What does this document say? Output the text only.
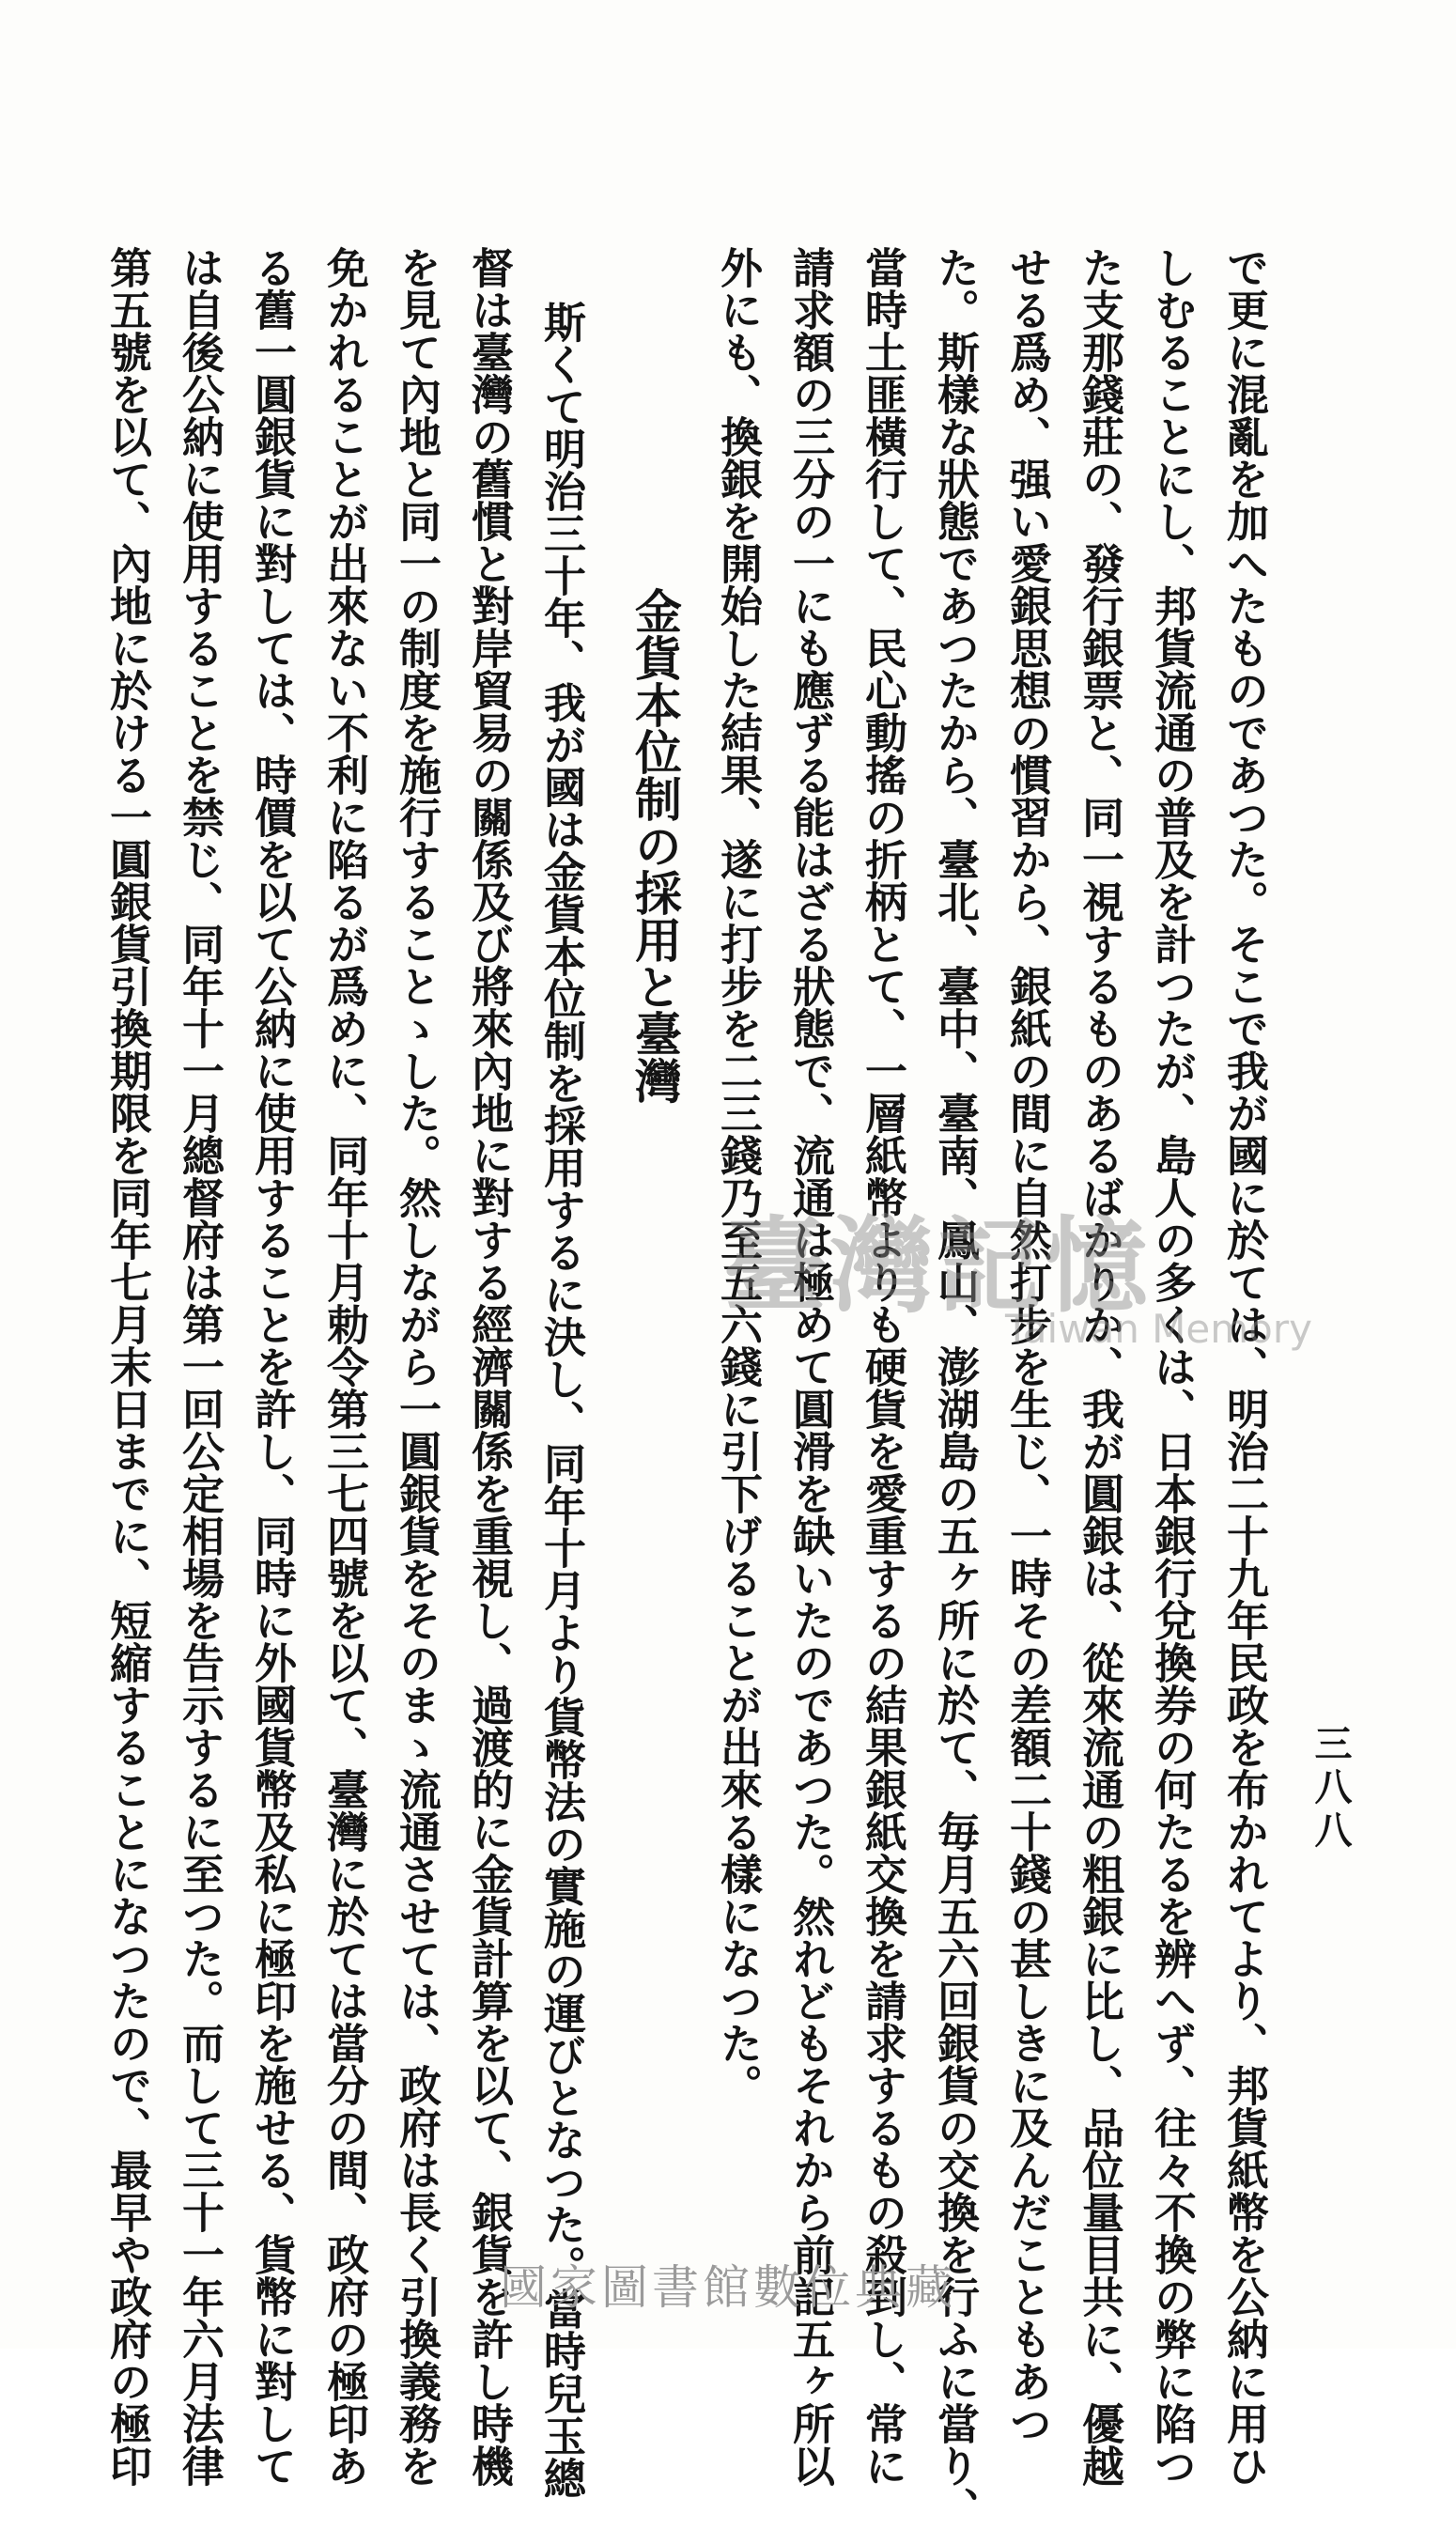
三八八
で更に混亂を加へたものであつた。そこで我が國に於ては、明治二十九年民政を布かれてより、邦貨紙幣を公納に用ひ
しむることにし、邦貨流通の普及を計つたが、島人の多くは、日本銀行兌換券の何たるを辨へず、往々不換の弊に陷つ
た支那錢莊の、發行銀票と、同一視するものあるばかりか、我が圓銀は、從來流通の粗銀に比し、品位量目共に、優越
せる爲め、强い愛銀思想の慣習から、銀紙の間に自然打步を生じ、一時その差額二十錢の甚しきに及んだこともあつ
た。斯樣な狀態であつたから、臺北、臺中、臺南、鳳山、澎湖島の五ヶ所に於て、毎月五六回銀貨の交換を行ふに當り、
當時土匪橫行して、民心動搖の折柄とて、一層紙幣よりも硬貨を愛重するの結果銀紙交換を請求するもの殺到し、常に
請求額の三分の一にも應ずる能はざる狀態で、流通は極めて圓滑を缺いたのであつた。然れどもそれから前記五ヶ所以
外にも、換銀を開始した結果、遂に打步を二三錢乃至五六錢に引下げることが出來る樣になつた。
金貨本位制の採用と臺灣
斯くて明治三十年、我が國は金貨本位制を採用するに決し、同年十月より貨幣法の實施の運びとなつた。當時兒玉總
督は臺灣の舊慣と對岸貿易の關係及び將來內地に對する經濟關係を重視し、過渡的に金貨計算を以て、銀貨を許し時機
を見て內地と同一の制度を施行することゝした。然しながら一圓銀貨をそのまゝ流通させては、政府は長く引換義務を
免かれることが出來ない不利に陷るが爲めに、同年十月勅令第三七四號を以て、臺灣に於ては當分の間、政府の極印あ
る舊一圓銀貨に對しては、時價を以て公納に使用することを許し、同時に外國貨幣及私に極印を施せる、貨幣に對して
は自後公納に使用することを禁じ、同年十一月總督府は第一回公定相場を告示するに至つた。而して三十一年六月法律
第五號を以て、內地に於ける一圓銀貨引換期限を同年七月末日までに、短縮することになつたので、最早や政府の極印	臺灣記憶
Taiwan Memory
國家圖書館數位典藏
